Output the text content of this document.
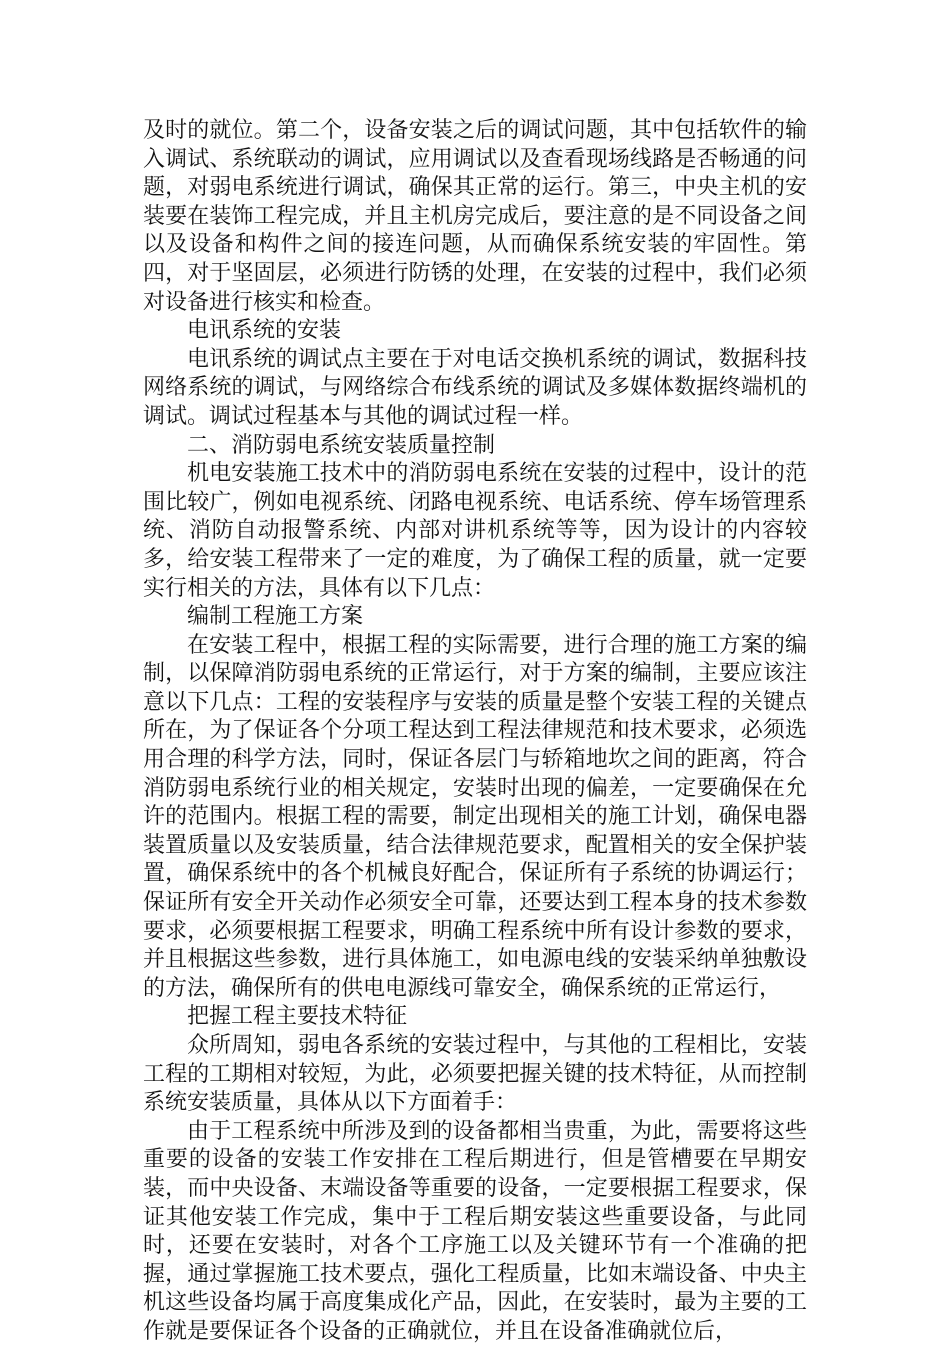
及时的就位。第二个，设备安装之后的调试问题，其中包括软件的输入调试、系统联动的调试，应用调试以及查看现场线路是否畅通的问题，对弱电系统进行调试，确保其正常的运行。第三，中央主机的安装要在装饰工程完成，并且主机房完成后，要注意的是不同设备之间以及设备和构件之间的接连问题，从而确保系统安装的牢固性。第四，对于坚固层，必须进行防锈的处理，在安装的过程中，我们必须对设备进行核实和检查。

电讯系统的安装

电讯系统的调试点主要在于对电话交换机系统的调试，数据科技网络系统的调试，与网络综合布线系统的调试及多媒体数据终端机的调试。调试过程基本与其他的调试过程一样。

二、消防弱电系统安装质量控制

机电安装施工技术中的消防弱电系统在安装的过程中，设计的范围比较广，例如电视系统、闭路电视系统、电话系统、停车场管理系统、消防自动报警系统、内部对讲机系统等等，因为设计的内容较多，给安装工程带来了一定的难度，为了确保工程的质量，就一定要实行相关的方法，具体有以下几点：

编制工程施工方案

在安装工程中，根据工程的实际需要，进行合理的施工方案的编制，以保障消防弱电系统的正常运行，对于方案的编制，主要应该注意以下几点：工程的安装程序与安装的质量是整个安装工程的关键点所在，为了保证各个分项工程达到工程法律规范和技术要求，必须选用合理的科学方法，同时，保证各层门与轿箱地坎之间的距离，符合消防弱电系统行业的相关规定，安装时出现的偏差，一定要确保在允许的范围内。根据工程的需要，制定出现相关的施工计划，确保电器装置质量以及安装质量，结合法律规范要求，配置相关的安全保护装置，确保系统中的各个机械良好配合，保证所有子系统的协调运行；保证所有安全开关动作必须安全可靠，还要达到工程本身的技术参数要求，必须要根据工程要求，明确工程系统中所有设计参数的要求，并且根据这些参数，进行具体施工，如电源电线的安装采纳单独敷设的方法，确保所有的供电电源线可靠安全，确保系统的正常运行，

把握工程主要技术特征

众所周知，弱电各系统的安装过程中，与其他的工程相比，安装工程的工期相对较短，为此，必须要把握关键的技术特征，从而控制系统安装质量，具体从以下方面着手：

由于工程系统中所涉及到的设备都相当贵重，为此，需要将这些重要的设备的安装工作安排在工程后期进行，但是管槽要在早期安装，而中央设备、末端设备等重要的设备，一定要根据工程要求，保证其他安装工作完成，集中于工程后期安装这些重要设备，与此同时，还要在安装时，对各个工序施工以及关键环节有一个准确的把握，通过掌握施工技术要点，强化工程质量，比如末端设备、中央主机这些设备均属于高度集成化产品，因此，在安装时，最为主要的工作就是要保证各个设备的正确就位，并且在设备准确就位后，
